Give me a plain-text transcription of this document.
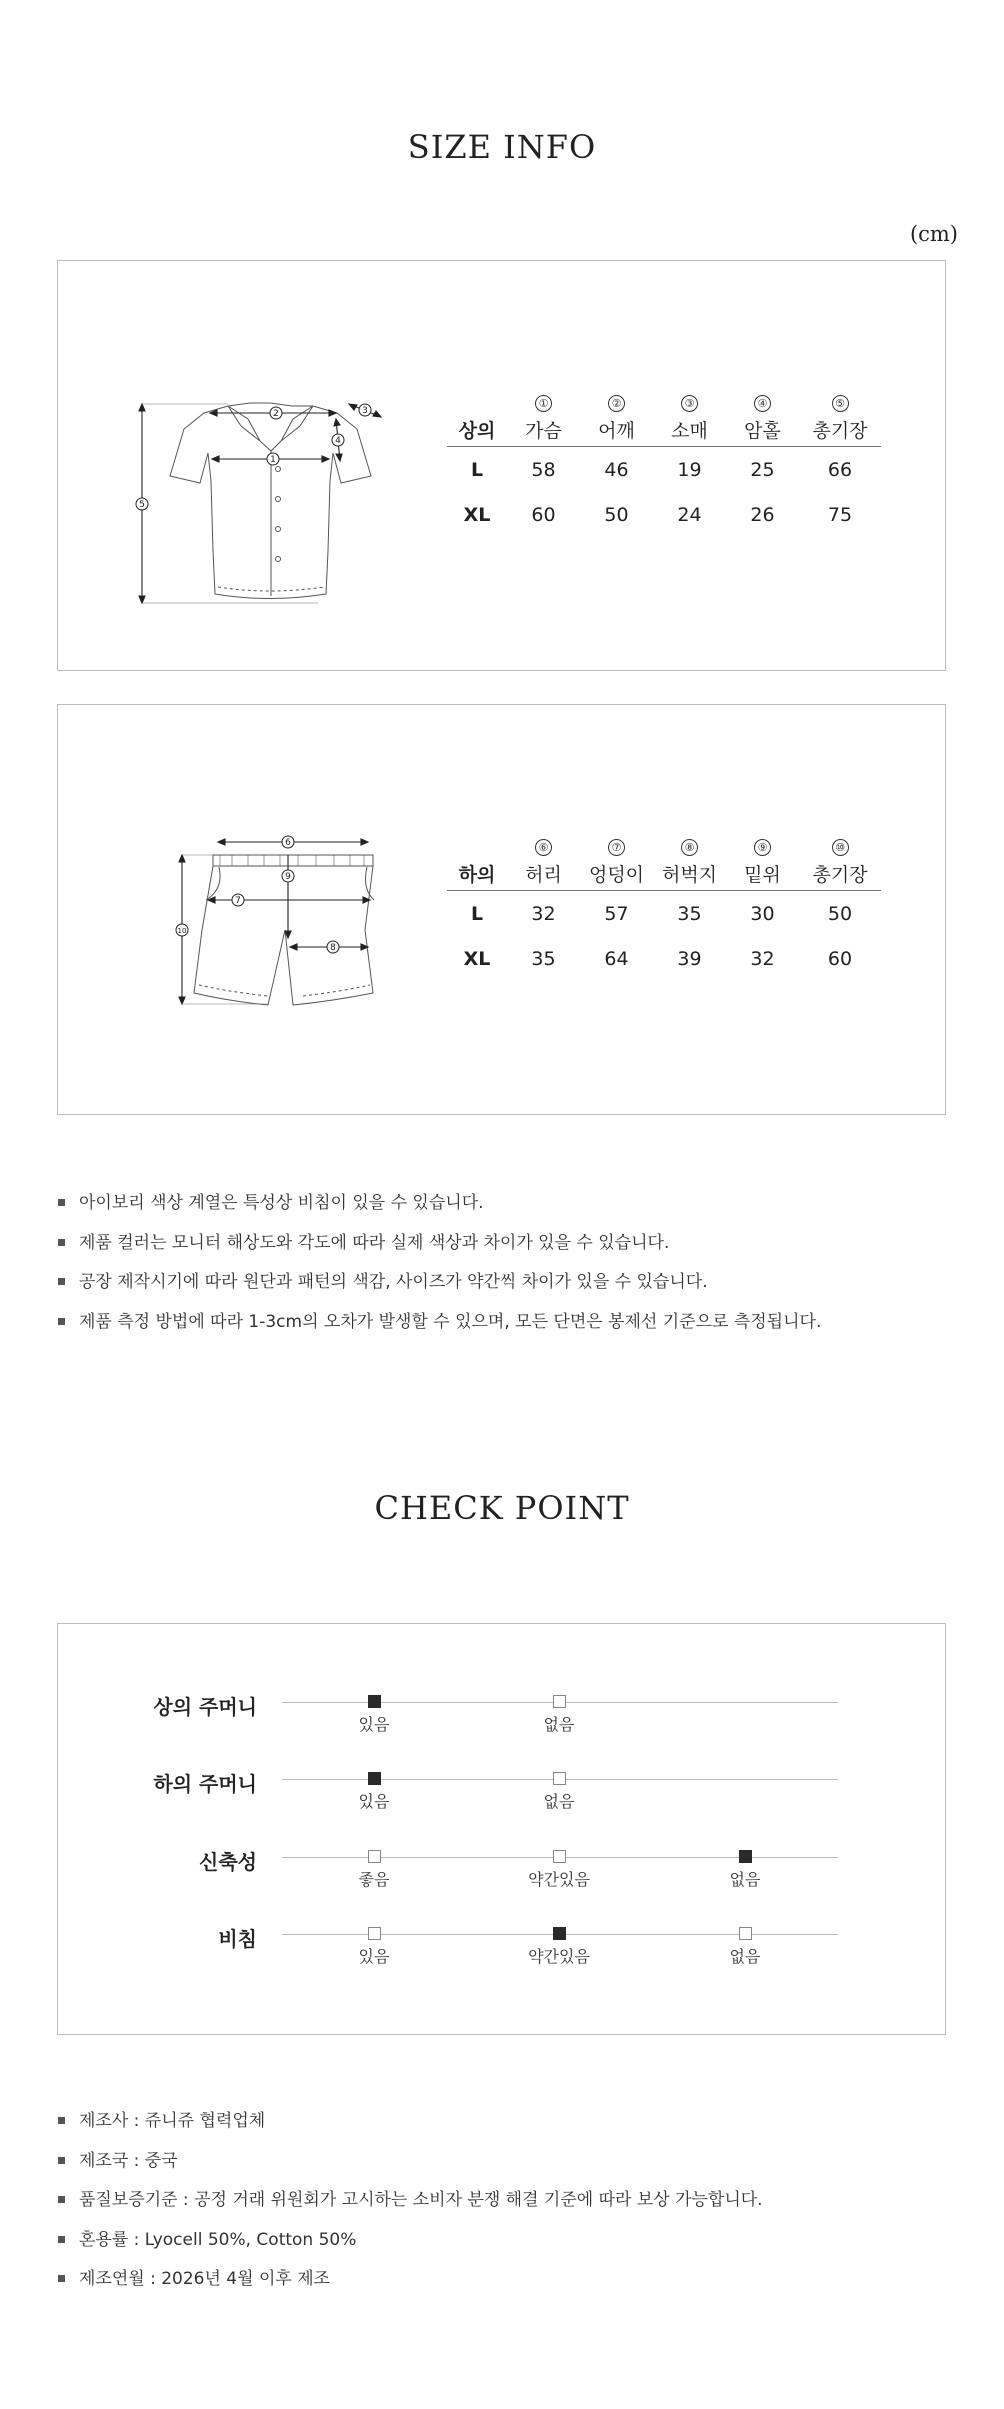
SIZE INFO
(cm)
2
1
5
3
4
	①	②	③	④	⑤
상의	가슴	어깨	소매	암홀	총기장
L	58	46	19	25	66
XL	60	50	24	26	75
6
7
9
8
10
	⑥	⑦	⑧	⑨	⑩
하의	허리	엉덩이	허벅지	밑위	총기장
L	32	57	35	30	50
XL	35	64	39	32	60
아이보리 색상 계열은 특성상 비침이 있을 수 있습니다.
제품 컬러는 모니터 해상도와 각도에 따라 실제 색상과 차이가 있을 수 있습니다.
공장 제작시기에 따라 원단과 패턴의 색감, 사이즈가 약간씩 차이가 있을 수 있습니다.
제품 측정 방법에 따라 1-3cm의 오차가 발생할 수 있으며, 모든 단면은 봉제선 기준으로 측정됩니다.
CHECK POINT
상의 주머니
있음	없음
하의 주머니
있음	없음
신축성
좋음	약간있음	없음
비침
있음	약간있음	없음
제조사 : 쥬니쥬 협력업체
제조국 : 중국
품질보증기준 : 공정 거래 위원회가 고시하는 소비자 분쟁 해결 기준에 따라 보상 가능합니다.
혼용률 : Lyocell 50%, Cotton 50%
제조연월 : 2026년 4월 이후 제조
